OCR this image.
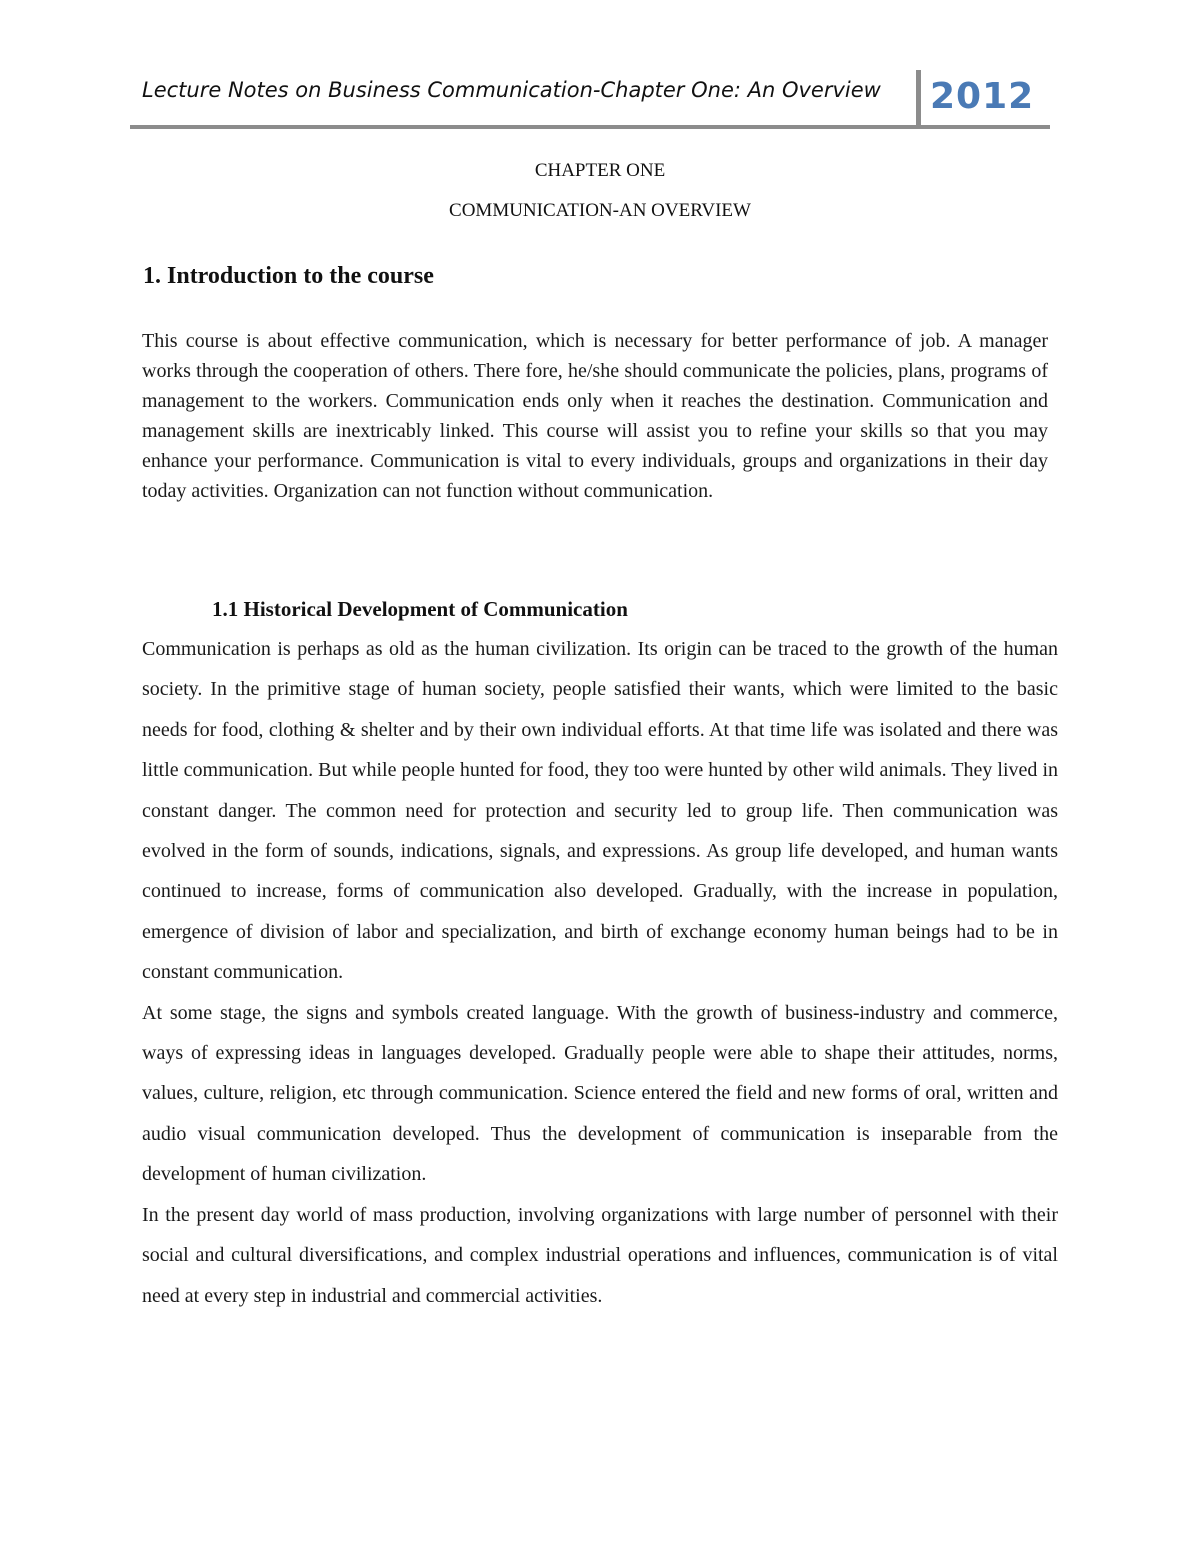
Lecture Notes on Business Communication-Chapter One: An Overview 2012
CHAPTER ONE
COMMUNICATION-AN OVERVIEW
1. Introduction to the course

This course is about effective communication, which is necessary for better performance of job. A manager works through the cooperation of others. There fore, he/she should communicate the policies, plans, programs of management to the workers. Communication ends only when it reaches the destination. Communication and management skills are inextricably linked. This course will assist you to refine your skills so that you may enhance your performance. Communication is vital to every individuals, groups and organizations in their day today activities. Organization can not function without communication.

1.1 Historical Development of Communication

Communication is perhaps as old as the human civilization. Its origin can be traced to the growth of the human society. In the primitive stage of human society, people satisfied their wants, which were limited to the basic needs for food, clothing & shelter and by their own individual efforts. At that time life was isolated and there was little communication. But while people hunted for food, they too were hunted by other wild animals. They lived in constant danger. The common need for protection and security led to group life. Then communication was evolved in the form of sounds, indications, signals, and expressions. As group life developed, and human wants continued to increase, forms of communication also developed. Gradually, with the increase in population, emergence of division of labor and specialization, and birth of exchange economy human beings had to be in constant communication.

At some stage, the signs and symbols created language. With the growth of business-industry and commerce, ways of expressing ideas in languages developed. Gradually people were able to shape their attitudes, norms, values, culture, religion, etc through communication. Science entered the field and new forms of oral, written and audio visual communication developed. Thus the development of communication is inseparable from the development of human civilization.

In the present day world of mass production, involving organizations with large number of personnel with their social and cultural diversifications, and complex industrial operations and influences, communication is of vital need at every step in industrial and commercial activities.
